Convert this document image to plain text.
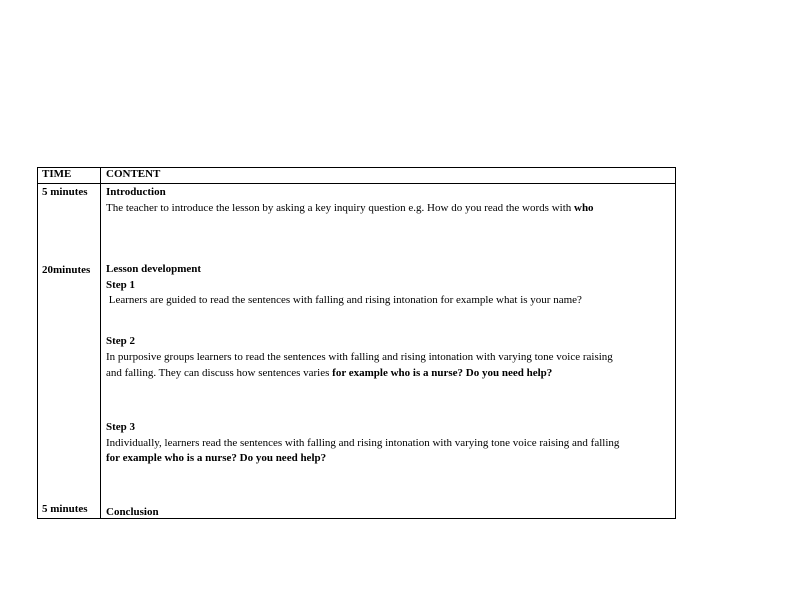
TIME	CONTENT
5 minutes Introduction
The teacher to introduce the lesson by asking a key inquiry question e.g. How do you read the words with who
20minutes Lesson development
Step 1
Learners are guided to read the sentences with falling and rising intonation for example what is your name?
Step 2
In purposive groups learners to read the sentences with falling and rising intonation with varying tone voice raising
and falling. They can discuss how sentences varies for example who is a nurse? Do you need help?
Step 3
Individually, learners read the sentences with falling and rising intonation with varying tone voice raising and falling
for example who is a nurse? Do you need help?
5 minutes Conclusion
